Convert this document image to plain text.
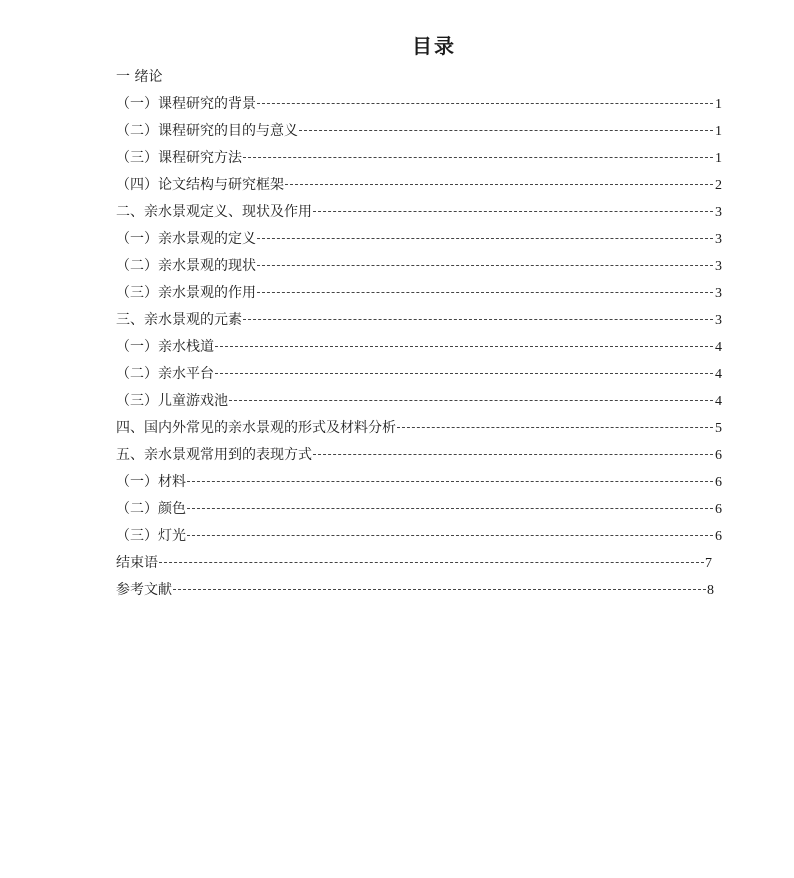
目录
一 绪论
（一）课程研究的背景	1
（二）课程研究的目的与意义	1
（三）课程研究方法	1
（四）论文结构与研究框架	2
二、亲水景观定义、现状及作用	3
（一）亲水景观的定义	3
（二）亲水景观的现状	3
（三）亲水景观的作用	3
三、亲水景观的元素	3
（一）亲水栈道	4
（二）亲水平台	4
（三）儿童游戏池	4
四、国内外常见的亲水景观的形式及材料分析	5
五、亲水景观常用到的表现方式	6
（一）材料	6
（二）颜色	6
（三）灯光	6
结束语	7
参考文献	8
